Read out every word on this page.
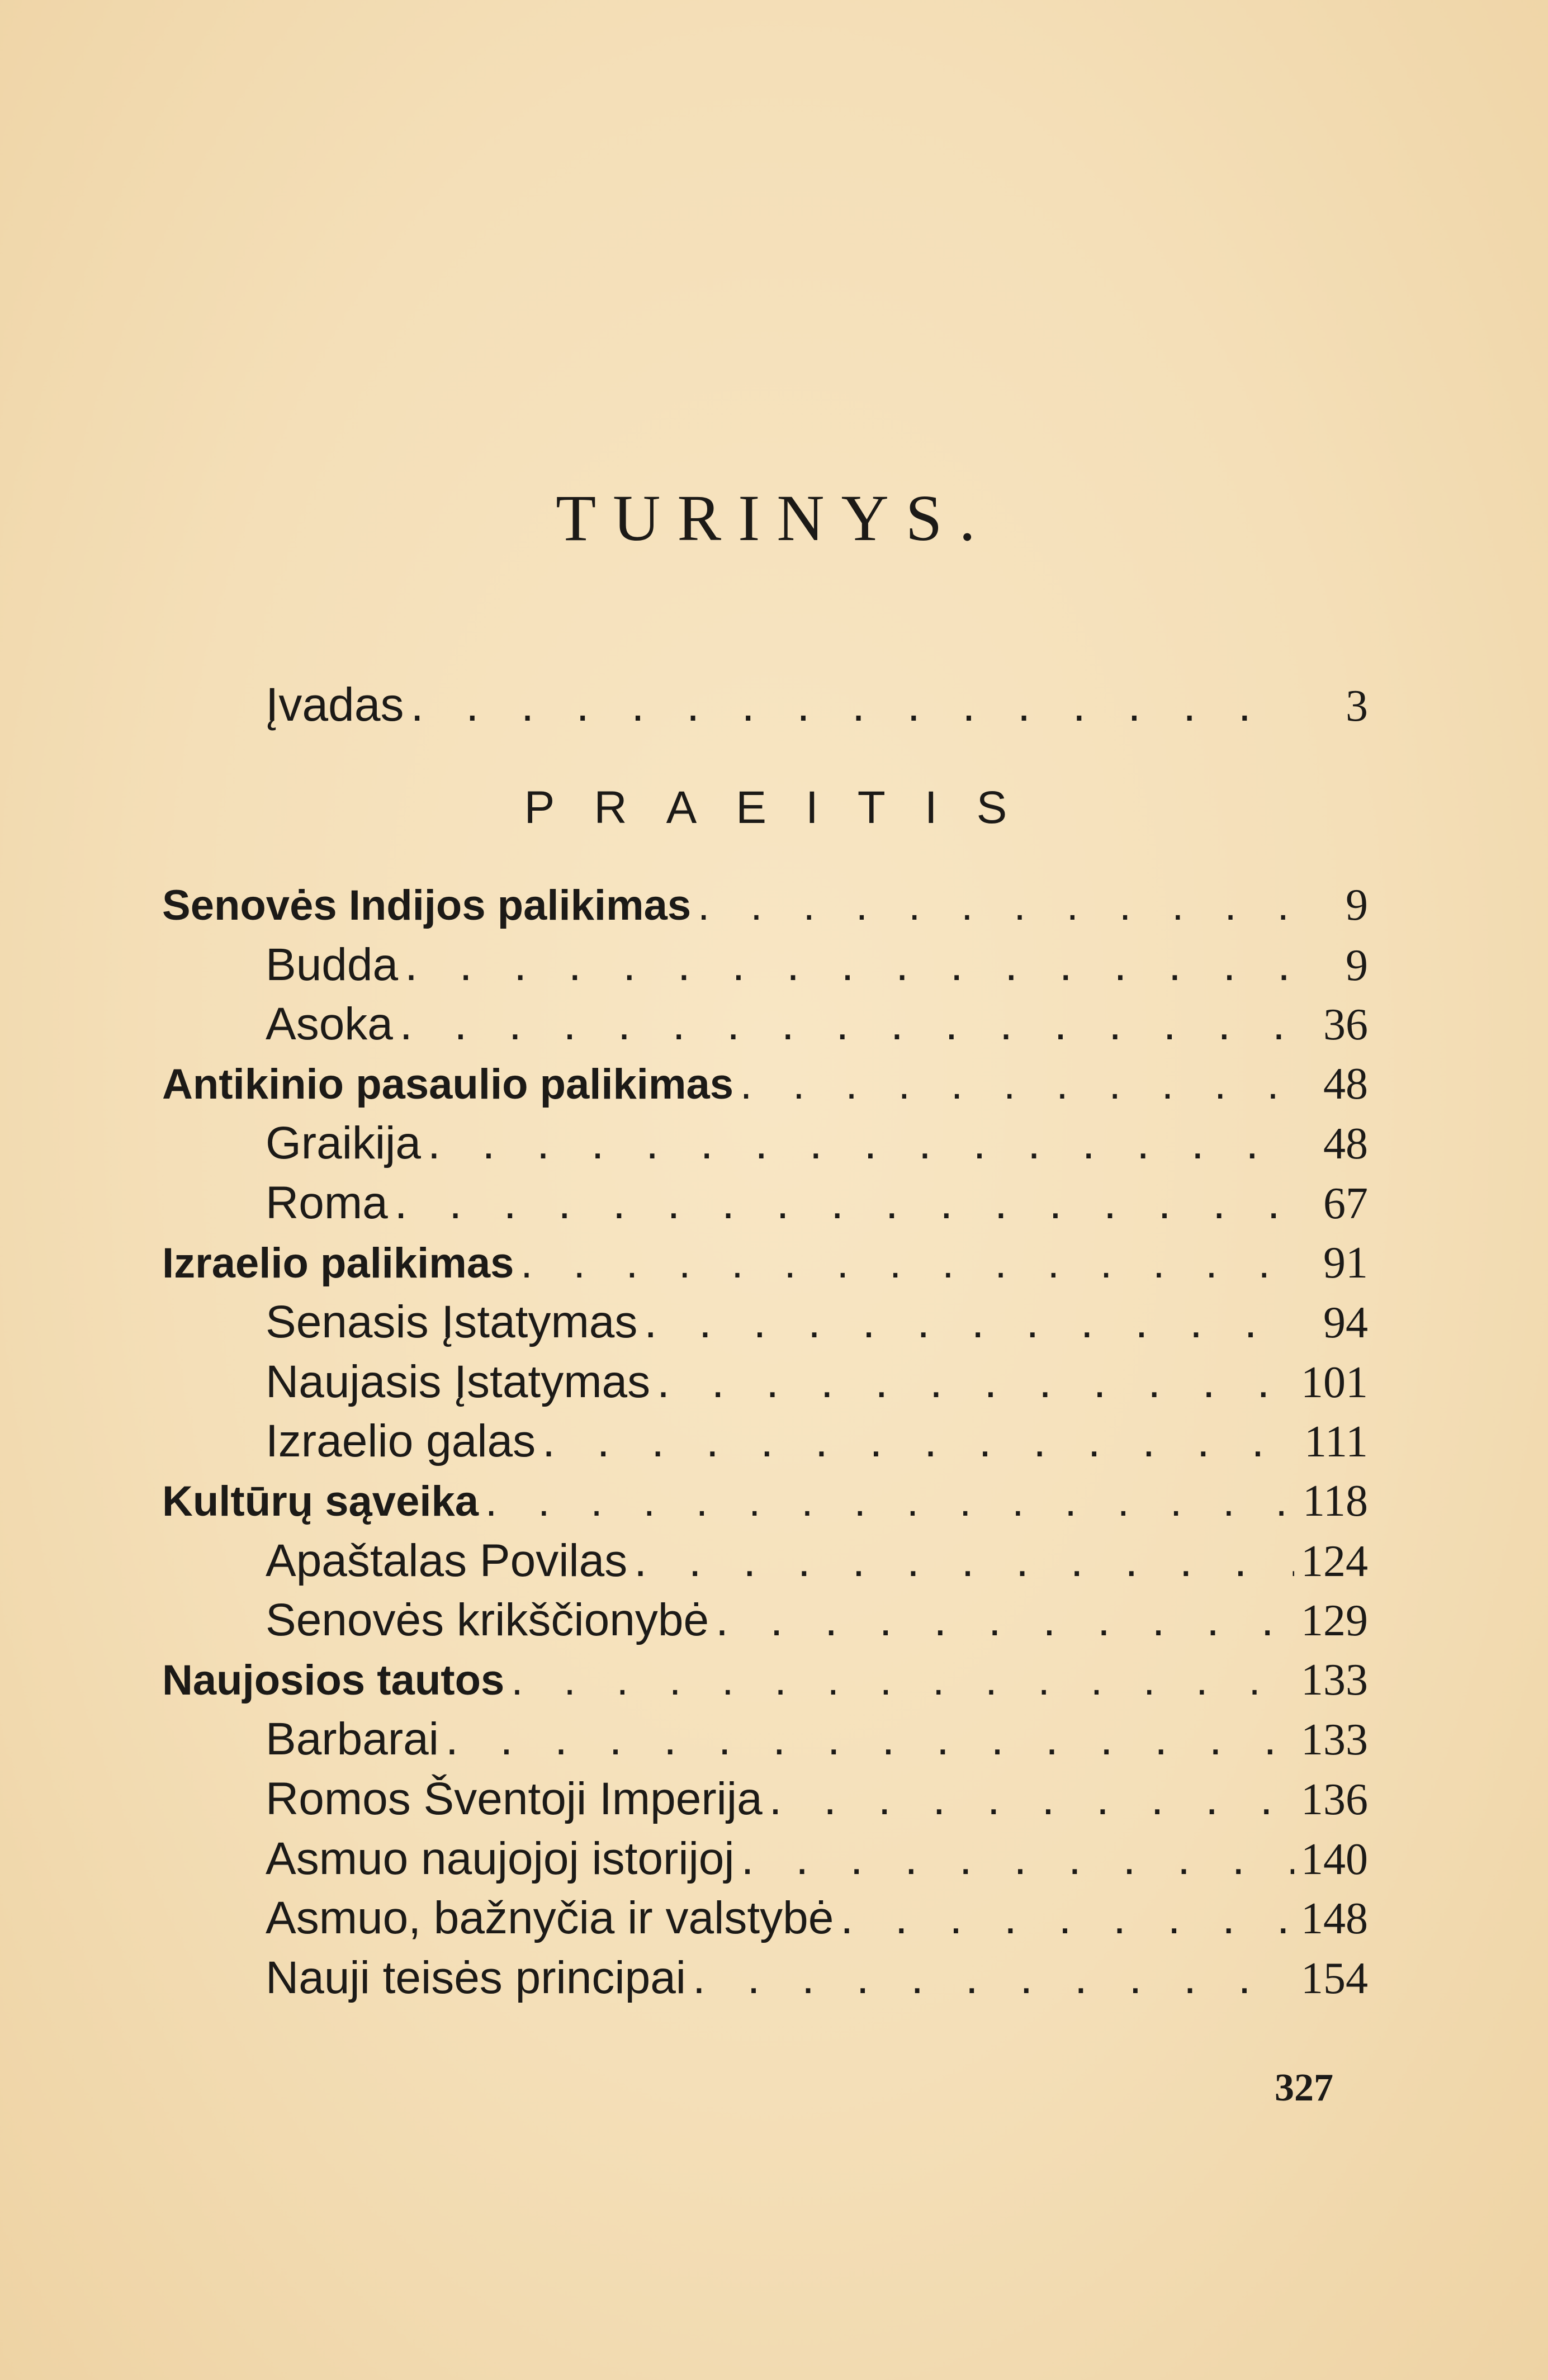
TURINYS.
Įvadas . . .	3
PRAEITIS
Senovės Indijos palikimas . . .	9
Budda . . .	9
Asoka . . .	36
Antikinio pasaulio palikimas . . .	48
Graikija . . .	48
Roma . . .	67
Izraelio palikimas . . .	91
Senasis Įstatymas . . .	94
Naujasis Įstatymas . . .	101
Izraelio galas . . .	111
Kultūrų sąveika . . .	118
Apaštalas Povilas . . .	124
Senovės krikščionybė . . .	129
Naujosios tautos . . .	133
Barbarai . . .	133
Romos Šventoji Imperija . . .	136
Asmuo naujojoj istorijoj . . .	140
Asmuo, bažnyčia ir valstybė . . .	148
Nauji teisės principai . . .	154
327
